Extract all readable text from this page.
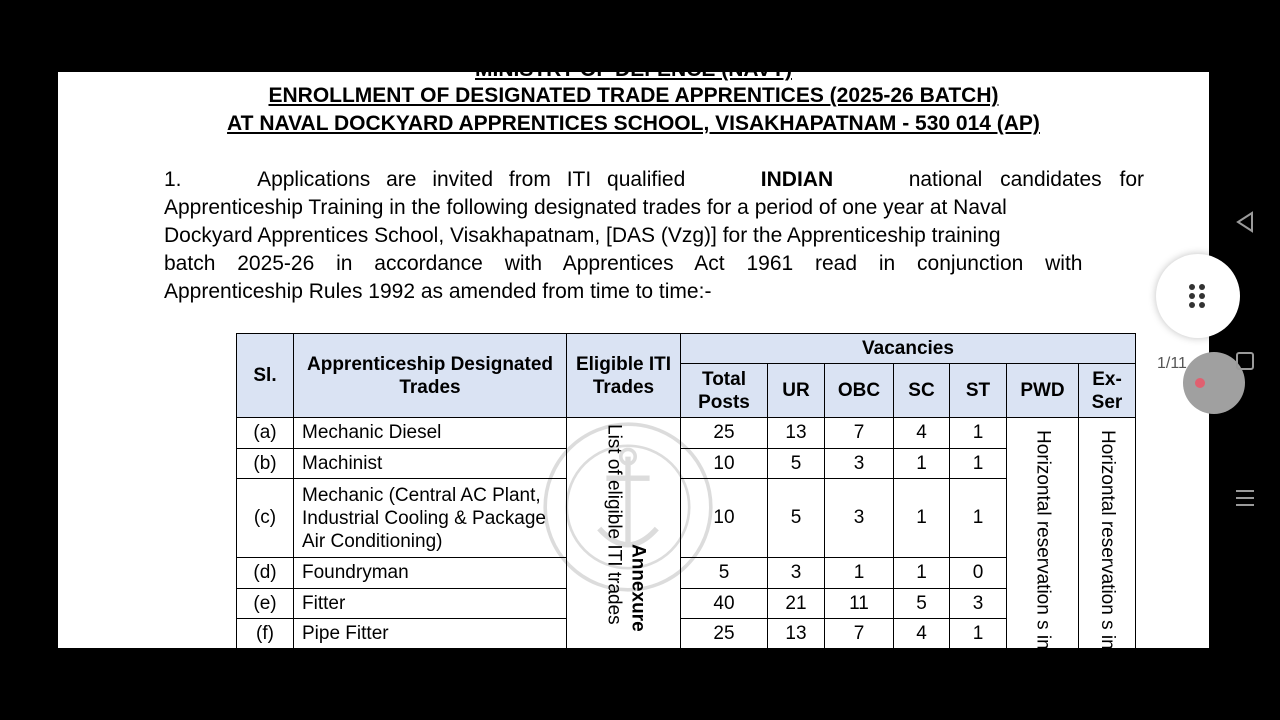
MINISTRY OF DEFENCE (NAVY)
ENROLLMENT OF DESIGNATED TRADE APPRENTICES (2025-26 BATCH)
AT NAVAL DOCKYARD APPRENTICES SCHOOL, VISAKHAPATNAM - 530 014 (AP)
1.	Applications are invited from ITI qualified	INDIAN	national candidates for
Apprenticeship Training in the following designated trades for a period of one year at Naval
Dockyard Apprentices School, Visakhapatnam, [DAS (Vzg)] for the Apprenticeship training
batch 2025-26 in accordance with Apprentices Act 1961 read in conjunction with
Apprenticeship Rules 1992 as amended from time to time:-
Sl.	Apprenticeship Designated Trades	Eligible ITI Trades	Vacancies						
			Total Posts	UR	OBC	SC	ST	PWD	Ex-Ser
(a)	Mechanic Diesel	List of eligible ITI trades Annexure	25	13	7	4	1	Horizontal reservation s in	Horizontal reservation s in

(b)	Machinist		10	5	3	1	1		
(c)	Mechanic (Central AC Plant, Industrial Cooling & Package Air Conditioning)		10	5	3	1	1		
(d)	Foundryman		5	3	1	1	0		
(e)	Fitter		40	21	11	5	3		
(f)	Pipe Fitter		25	13	7	4	1		
1/11
